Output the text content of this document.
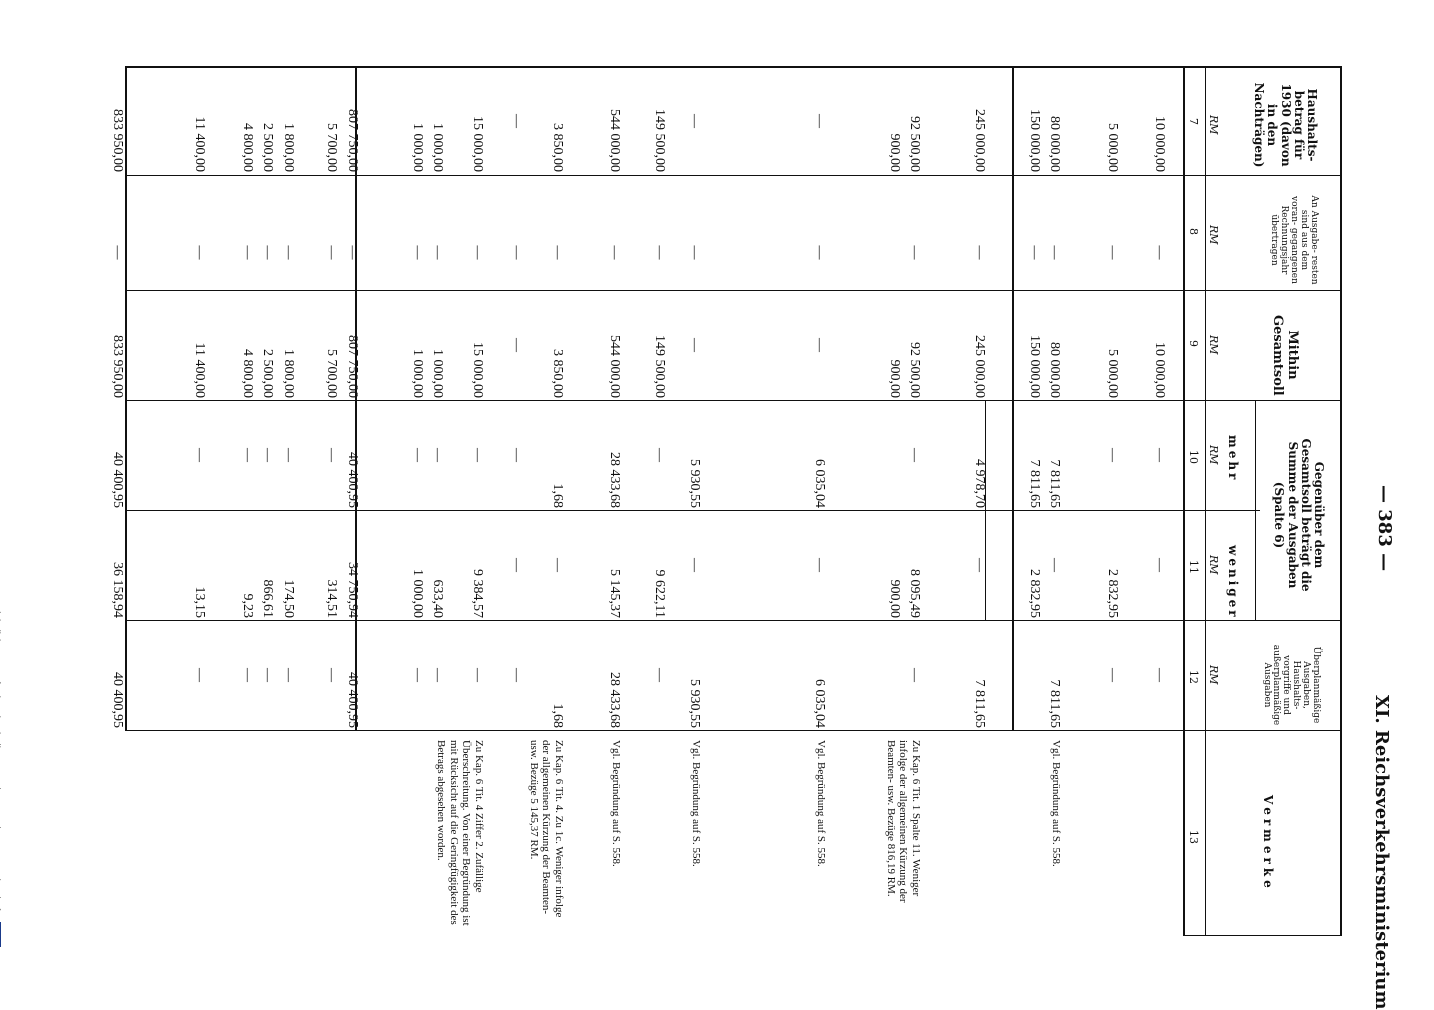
— 383 —
XI. Reichsverkehrsministerium
Haushalts- betrag für 1930 (davon in den Nachträgen)
An Ausgabe- resten sind aus dem voran- gegangenen Rechnungsjahr übertragen
Mithin Gesamtsoll
Gegenüber dem Gesamtsoll beträgt die Summe der Ausgaben (Spalte 6)
mehr
weniger
Überplanmäßige Ausgaben, Haushalts- vorgriffe und außerplanmäßige Ausgaben
Vermerke
7
8
9
10
11
12
13
RM
RM
RM
RM
RM
RM
10 000,00
—
10 000,00
—
—
—
5 000,00
—
5 000,00
—
2 832,95
—
80 000,00
—
80 000,00
7 811,65
—
7 811,65
Vgl. Begründung auf S. 558.
150 000,00
—
150 000,00
7 811,65
2 832,95
245 000,00
—
245 000,00
4 978,70
—
7 811,65
92 500,00
—
92 500,00
—
8 095,49
—
Zu Kap. 6 Tit. 1 Spalte 11. Weniger infolge der allgemeinen Kürzung der Beamten- usw. Bezüge 816,19 RM.
900,00
900,00
900,00
—
—
—
6 035,04
—
6 035,04
Vgl. Begründung auf S. 558.
—
—
—
5 930,55
—
5 930,55
Vgl. Begründung auf S. 558.
149 500,00
—
149 500,00
—
9 622,11
—
544 000,00
—
544 000,00
28 433,68
5 145,37
28 433,68
Vgl. Begründung auf S. 558.
3 850,00
—
3 850,00
1,68
—
1,68
Zu Kap. 6 Tit. 4. Zu 1c. Weniger infolge der allgemeinen Kürzung der Beamten- usw. Bezüge 5 145,37 RM.
—
—
—
—
—
—
15 000,00
—
15 000,00
—
9 384,57
—
Zu Kap. 6 Tit. 4 Ziffer 2. Zufällige Überschreitung. Von einer Begründung ist mit Rücksicht auf die Geringfügigkeit des Betrags abgesehen worden.
1 000,00
—
1 000,00
—
633,40
—
1 000,00
—
1 000,00
—
1 000,00
—
807 750,00
—
807 750,00
40 400,95
34 750,94
40 400,95
5 700,00
—
5 700,00
—
314,51
—
1 800,00
—
1 800,00
—
174,50
—
2 500,00
—
2 500,00
—
866,61
—
4 800,00
—
4 800,00
—
9,23
—
11 400,00
—
11 400,00
—
13,15
—
833 950,00
—
833 950,00
40 400,95
36 158,94
40 400,95
